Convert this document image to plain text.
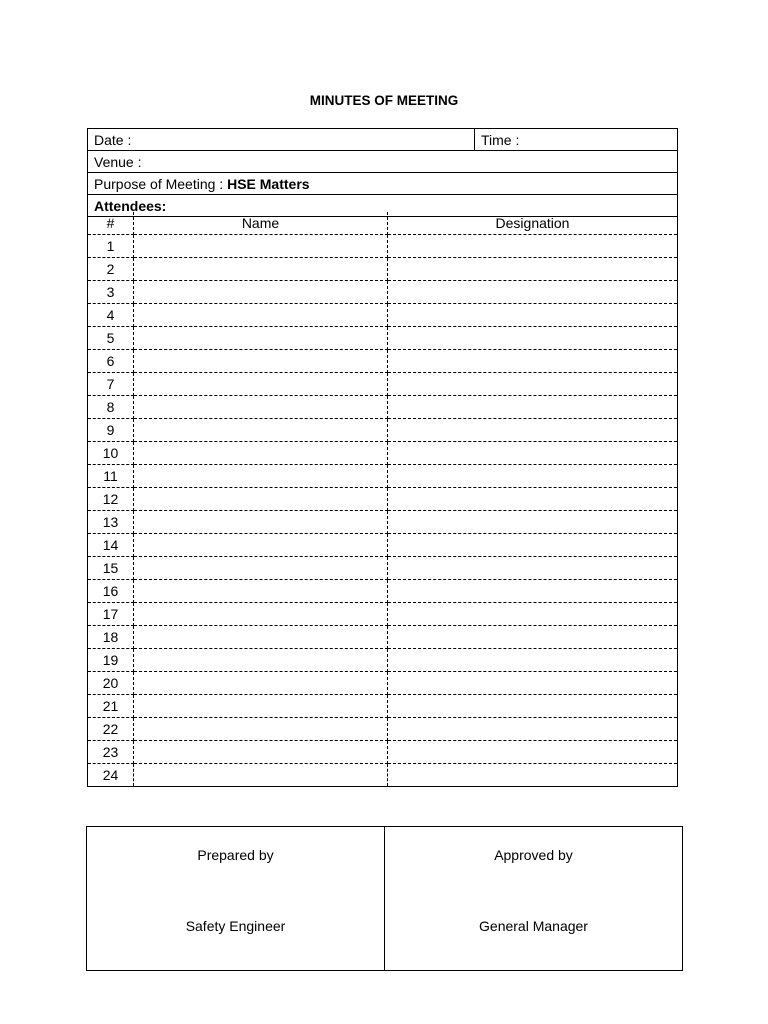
MINUTES OF MEETING
Date :	Time :
Venue :
Purpose of Meeting : HSE Matters
Attendees:
#	Name	Designation
1		
2		
3		
4		
5		
6		
7		
8		
9		
10		
11		
12		
13		
14		
15		
16		
17		
18		
19		
20		
21		
22		
23		
24		
Prepared by
Safety Engineer

Approved by
General Manager
